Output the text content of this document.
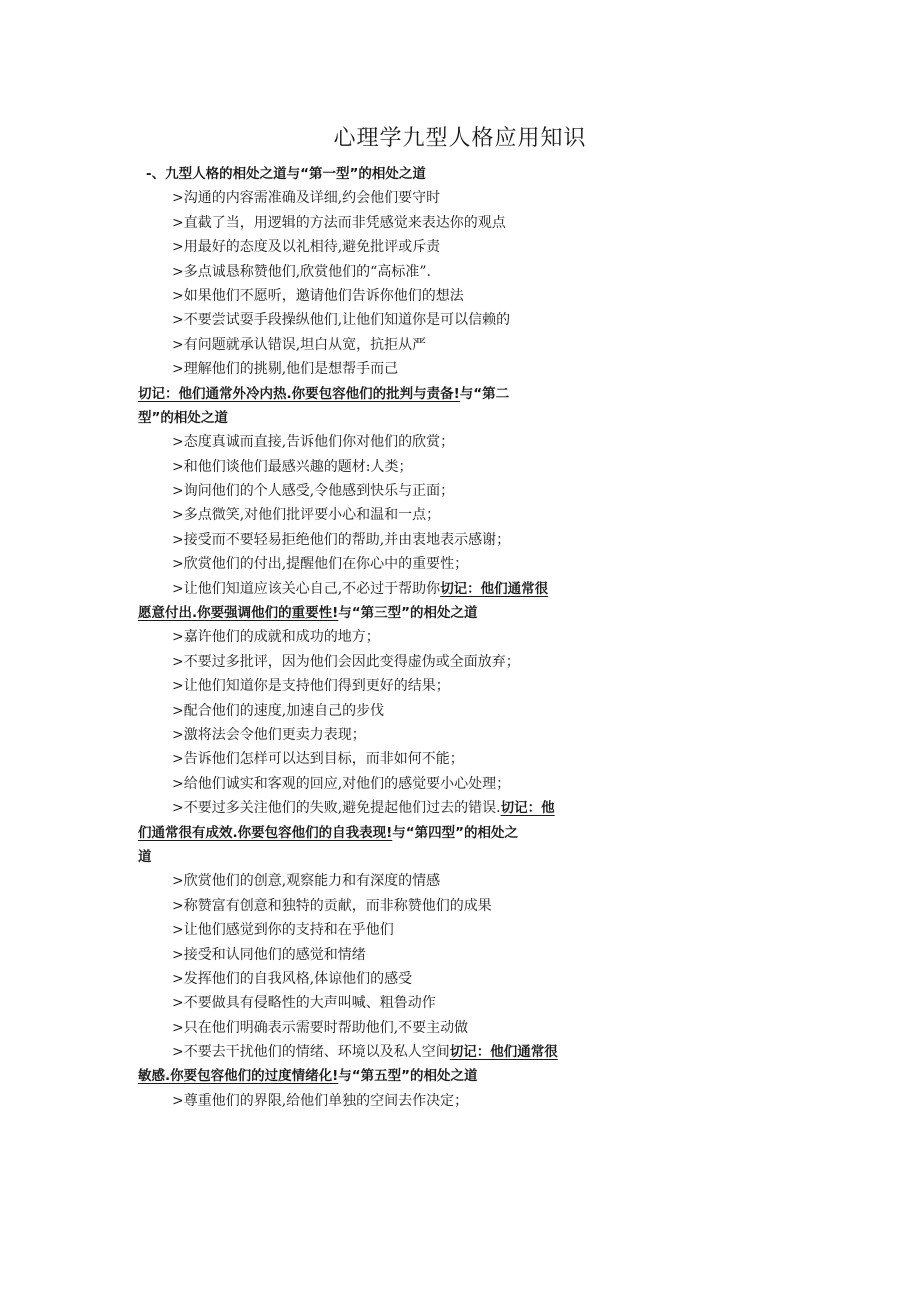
心理学九型人格应用知识
-、九型人格的相处之道与“第一型”的相处之道
>沟通的内容需准确及详细,约会他们要守时
>直截了当，用逻辑的方法而非凭感觉来表达你的观点
>用最好的态度及以礼相待,避免批评或斥责
>多点诚恳称赞他们,欣赏他们的“高标准”.
>如果他们不愿听，邀请他们告诉你他们的想法
>不要尝试耍手段操纵他们,让他们知道你是可以信赖的
>有问题就承认错误,坦白从宽，抗拒从严
>理解他们的挑剔,他们是想帮手而己
切记：他们通常外冷内热.你要包容他们的批判与责备!与“第二
型”的相处之道
>态度真诚而直接,告诉他们你对他们的欣赏；
>和他们谈他们最感兴趣的题材:人类；
>询问他们的个人感受,令他感到快乐与正面；
>多点微笑,对他们批评要小心和温和一点；
>接受而不要轻易拒绝他们的帮助,并由衷地表示感谢；
>欣赏他们的付出,提醒他们在你心中的重要性；
>让他们知道应该关心自己,不必过于帮助你切记：他们通常很
愿意付出.你要强调他们的重要性!与“第三型”的相处之道
>嘉许他们的成就和成功的地方；
>不要过多批评，因为他们会因此变得虚伪或全面放弃；
>让他们知道你是支持他们得到更好的结果；
>配合他们的速度,加速自己的步伐
>激将法会令他们更卖力表现；
>告诉他们怎样可以达到目标，而非如何不能；
>给他们诚实和客观的回应,对他们的感觉要小心处理；
>不要过多关注他们的失败,避免提起他们过去的错误.切记：他
们通常很有成效.你要包容他们的自我表现!与“第四型”的相处之
道
>欣赏他们的创意,观察能力和有深度的情感
>称赞富有创意和独特的贡献，而非称赞他们的成果
>让他们感觉到你的支持和在乎他们
>接受和认同他们的感觉和情绪
>发挥他们的自我风格,体谅他们的感受
>不要做具有侵略性的大声叫喊、粗鲁动作
>只在他们明确表示需要时帮助他们,不要主动做
>不要去干扰他们的情绪、环境以及私人空间切记：他们通常很
敏感.你要包容他们的过度情绪化!与“第五型”的相处之道
>尊重他们的界限,给他们单独的空间去作决定；
